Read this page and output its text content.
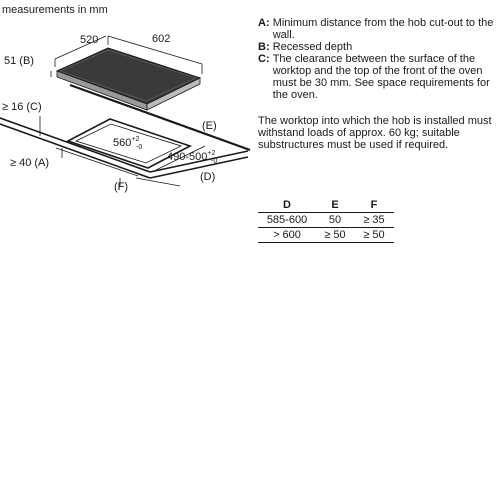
measurements in mm
520	602
51 (B)
≥ 16 (C)
≥ 40 (A)
$560^{+2}$
-0
$490-500^{+2}$
-0
(E)
(D)
(F)

A : Minimum distance from the hob cut-out to the wall.

B : Recessed depth

C : The clearance between the surface of the worktop and the top of the front of the oven must be 30 mm. See space requirements for the oven.

The worktop into which the hob is installed must withstand loads of approx. 60 kg; suitable substructures must be used if required.

D	E	F
585-600	50	≥ 35
> 600	≥ 50	≥ 50
